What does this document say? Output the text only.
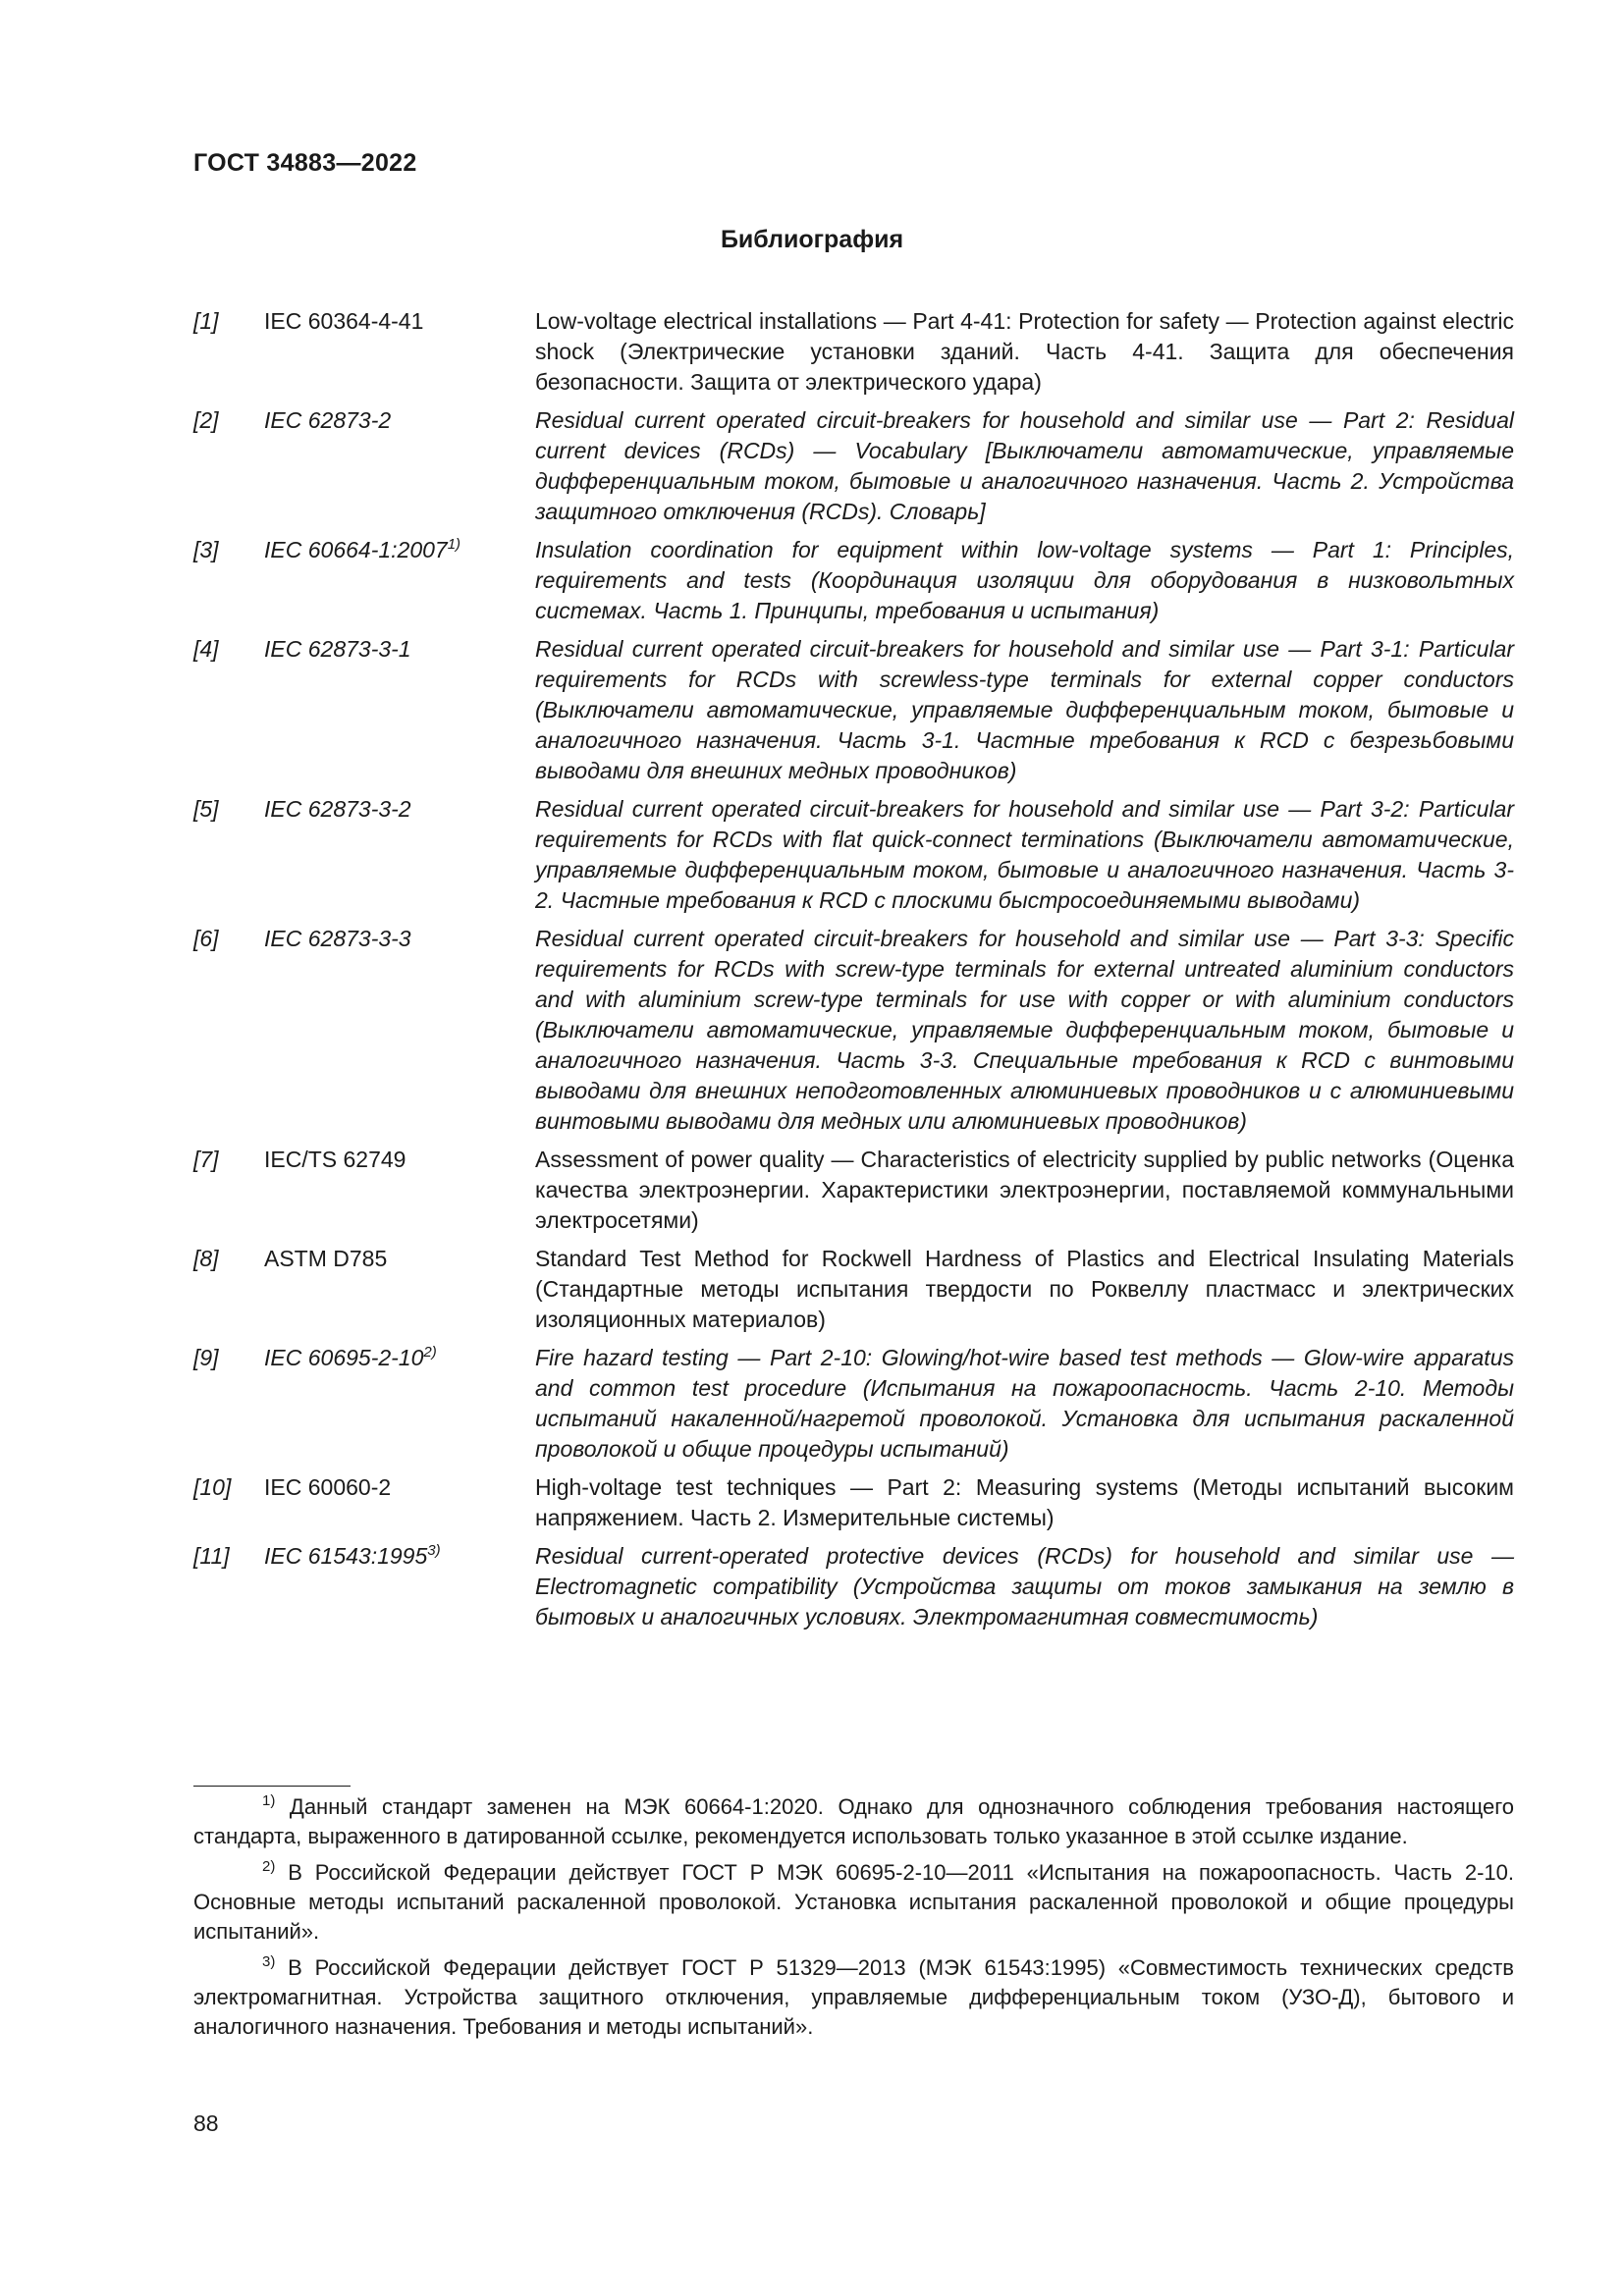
ГОСТ 34883—2022
Библиография
[1]	IEC 60364-4-41	Low-voltage electrical installations — Part 4-41: Protection for safety — Protection against electric shock (Электрические установки зданий. Часть 4-41. Защита для обеспечения безопасности. Защита от электрического удара)
[2]	IEC 62873-2	Residual current operated circuit-breakers for household and similar use — Part 2: Residual current devices (RCDs) — Vocabulary [Выключатели автоматические, управляемые дифференциальным током, бытовые и аналогичного назначения. Часть 2. Устройства защитного отключения (RCDs). Словарь]
[3]	IEC 60664-1:2007$^{1)}$	Insulation coordination for equipment within low-voltage systems — Part 1: Principles, requirements and tests (Координация изоляции для оборудования в низковольтных системах. Часть 1. Принципы, требования и испытания)
[4]	IEC 62873-3-1	Residual current operated circuit-breakers for household and similar use — Part 3-1: Particular requirements for RCDs with screwless-type terminals for external copper conductors (Выключатели автоматические, управляемые дифференциальным током, бытовые и аналогичного назначения. Часть 3-1. Частные требования к RCD с безрезьбовыми выводами для внешних медных проводников)
[5]	IEC 62873-3-2	Residual current operated circuit-breakers for household and similar use — Part 3-2: Particular requirements for RCDs with flat quick-connect terminations (Выключатели автоматические, управляемые дифференциальным током, бытовые и аналогичного назначения. Часть 3-2. Частные требования к RCD с плоскими быстросоединяемыми выводами)
[6]	IEC 62873-3-3	Residual current operated circuit-breakers for household and similar use — Part 3-3: Specific requirements for RCDs with screw-type terminals for external untreated aluminium conductors and with aluminium screw-type terminals for use with copper or with aluminium conductors (Выключатели автоматические, управляемые дифференциальным током, бытовые и аналогичного назначения. Часть 3-3. Специальные требования к RCD с винтовыми выводами для внешних неподготовленных алюминиевых проводников и с алюминиевыми винтовыми выводами для медных или алюминиевых проводников)
[7]	IEC/TS 62749	Assessment of power quality — Characteristics of electricity supplied by public networks (Оценка качества электроэнергии. Характеристики электроэнергии, поставляемой коммунальными электросетями)
[8]	ASTM D785	Standard Test Method for Rockwell Hardness of Plastics and Electrical Insulating Materials (Стандартные методы испытания твердости по Роквеллу пластмасс и электрических изоляционных материалов)
[9]	IEC 60695-2-10$^{2)}$	Fire hazard testing — Part 2-10: Glowing/hot-wire based test methods — Glow-wire apparatus and common test procedure (Испытания на пожароопасность. Часть 2-10. Методы испытаний накаленной/нагретой проволокой. Установка для испытания раскаленной проволокой и общие процедуры испытаний)
[10]	IEC 60060-2	High-voltage test techniques — Part 2: Measuring systems (Методы испытаний высоким напряжением. Часть 2. Измерительные системы)
[11]	IEC 61543:1995$^{3)}$	Residual current-operated protective devices (RCDs) for household and similar use — Electromagnetic compatibility (Устройства защиты от токов замыкания на землю в бытовых и аналогичных условиях. Электромагнитная совместимость)
$^{1)}$ Данный стандарт заменен на МЭК 60664-1:2020. Однако для однозначного соблюдения требования настоящего стандарта, выраженного в датированной ссылке, рекомендуется использовать только указанное в этой ссылке издание.
$^{2)}$ В Российской Федерации действует ГОСТ Р МЭК 60695-2-10—2011 «Испытания на пожароопасность. Часть 2-10. Основные методы испытаний раскаленной проволокой. Установка испытания раскаленной проволокой и общие процедуры испытаний».
$^{3)}$ В Российской Федерации действует ГОСТ Р 51329—2013 (МЭК 61543:1995) «Совместимость технических средств электромагнитная. Устройства защитного отключения, управляемые дифференциальным током (УЗО-Д), бытового и аналогичного назначения. Требования и методы испытаний».
88
